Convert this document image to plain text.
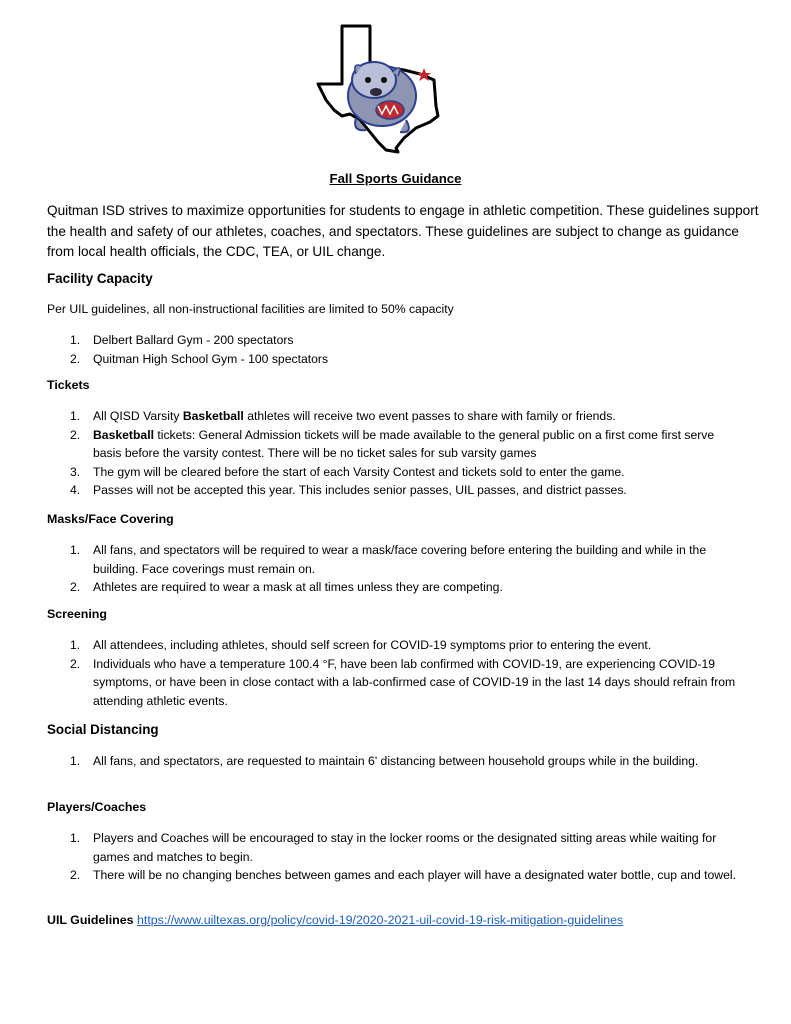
Fall Sports Guidance
Quitman ISD strives to maximize opportunities for students to engage in athletic competition. These guidelines support the health and safety of our athletes, coaches, and spectators. These guidelines are subject to change as guidance from local health officials, the CDC, TEA, or UIL change.
Facility Capacity
Per UIL guidelines, all non-instructional facilities are limited to 50% capacity
1. Delbert Ballard Gym - 200 spectators
2. Quitman High School Gym - 100 spectators
Tickets
1. All QISD Varsity Basketball athletes will receive two event passes to share with family or friends.
2. Basketball tickets: General Admission tickets will be made available to the general public on a first come first serve basis before the varsity contest. There will be no ticket sales for sub varsity games
3. The gym will be cleared before the start of each Varsity Contest and tickets sold to enter the game.
4. Passes will not be accepted this year. This includes senior passes, UIL passes, and district passes.
Masks/Face Covering
1. All fans, and spectators will be required to wear a mask/face covering before entering the building and while in the building. Face coverings must remain on.
2. Athletes are required to wear a mask at all times unless they are competing.
Screening
1. All attendees, including athletes, should self screen for COVID-19 symptoms prior to entering the event.
2. Individuals who have a temperature 100.4 °F, have been lab confirmed with COVID-19, are experiencing COVID-19 symptoms, or have been in close contact with a lab-confirmed case of COVID-19 in the last 14 days should refrain from attending athletic events.
Social Distancing
1. All fans, and spectators, are requested to maintain 6' distancing between household groups while in the building.
Players/Coaches
1. Players and Coaches will be encouraged to stay in the locker rooms or the designated sitting areas while waiting for games and matches to begin.
2. There will be no changing benches between games and each player will have a designated water bottle, cup and towel.
UIL Guidelines https://www.uiltexas.org/policy/covid-19/2020-2021-uil-covid-19-risk-mitigation-guidelines
